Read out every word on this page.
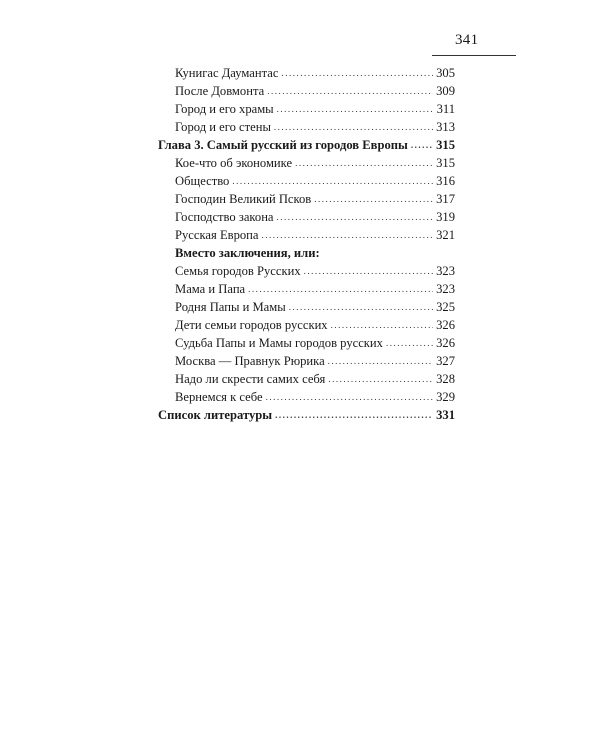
341
Кунигас Даумантас .....	305
После Довмонта .....	309
Город и его храмы .....	311
Город и его стены .....	313
Глава 3. Самый русский из городов Европы ..... 315
Кое-что об экономике .....	315
Общество .....	316
Господин Великий Псков .....	317
Господство закона .....	319
Русская Европа .....	321
Вместо заключения, или:
Семья городов Русских .....	323
Мама и Папа .....	323
Родня Папы и Мамы .....	325
Дети семьи городов русских .....	326
Судьба Папы и Мамы городов русских .....	326
Москва — Правнук Рюрика .....	327
Надо ли скрести самих себя .....	328
Вернемся к себе .....	329
Список литературы .....	331
